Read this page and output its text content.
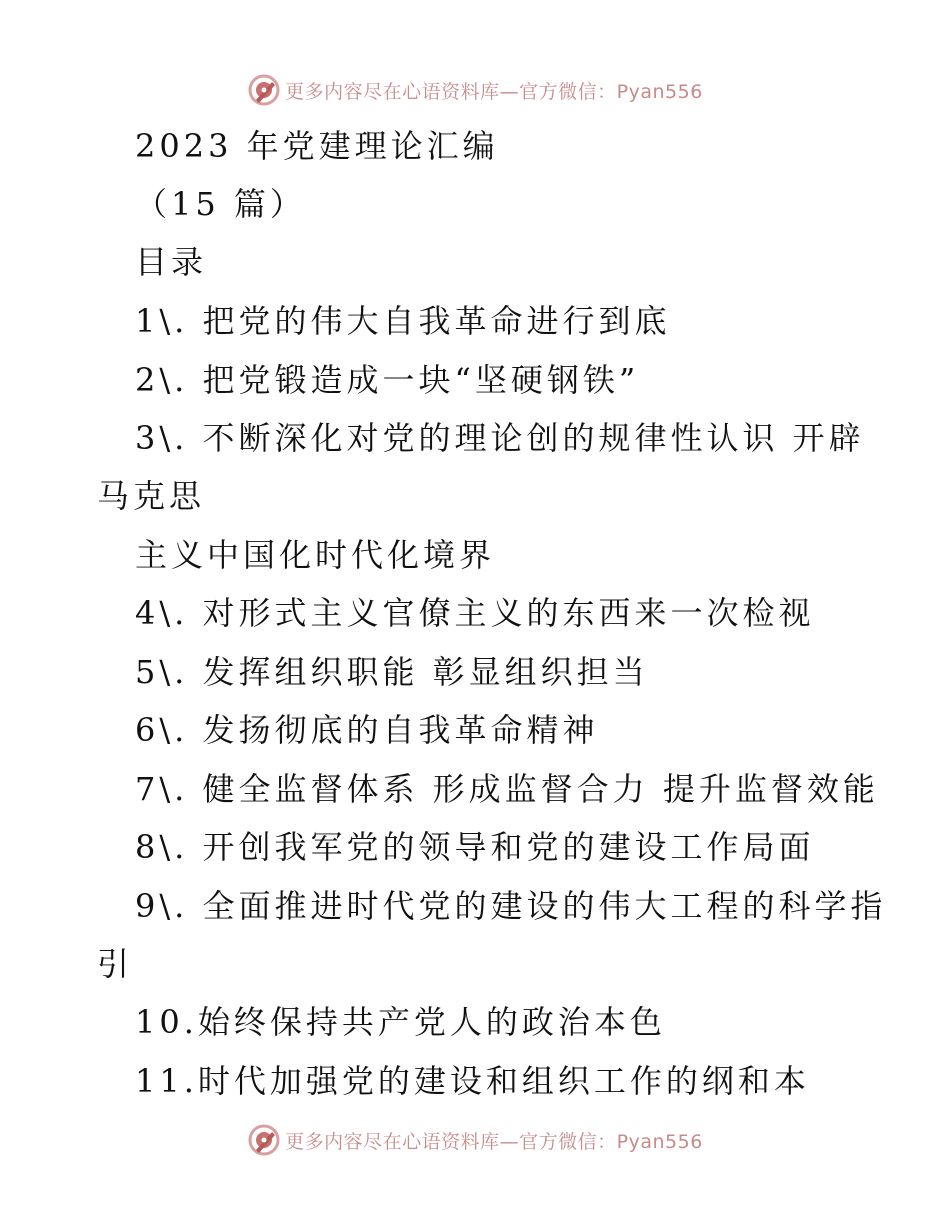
更多内容尽在心语资料库—官方微信：Pyan556
2023 年党建理论汇编
（15 篇）
目录
1\. 把党的伟大自我革命进行到底
2\. 把党锻造成一块“坚硬钢铁”
3\. 不断深化对党的理论创的规律性认识 开辟
马克思
主义中国化时代化境界
4\. 对形式主义官僚主义的东西来一次检视
5\. 发挥组织职能 彰显组织担当
6\. 发扬彻底的自我革命精神
7\. 健全监督体系 形成监督合力 提升监督效能
8\. 开创我军党的领导和党的建设工作局面
9\. 全面推进时代党的建设的伟大工程的科学指
引
10.始终保持共产党人的政治本色
11.时代加强党的建设和组织工作的纲和本
更多内容尽在心语资料库—官方微信：Pyan556
